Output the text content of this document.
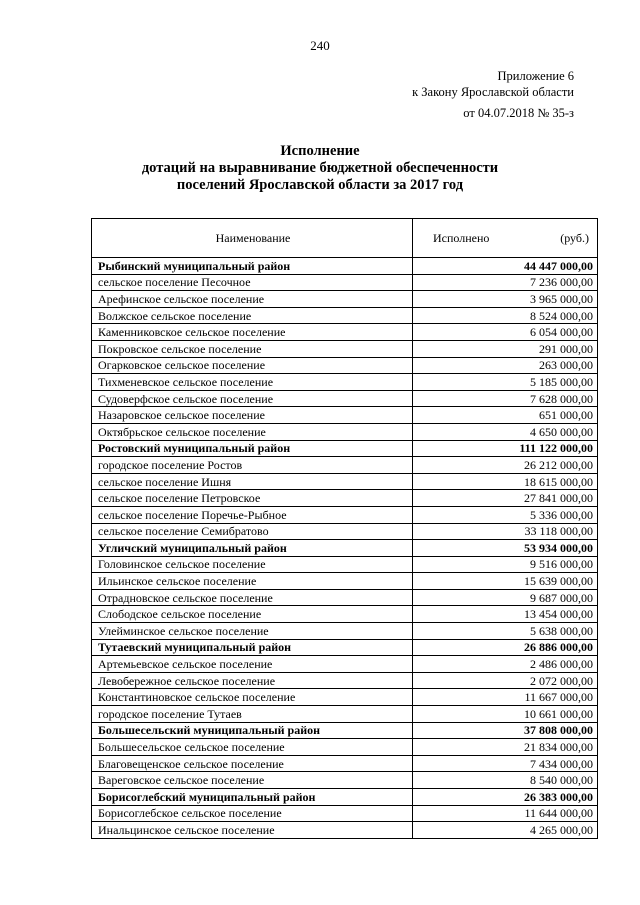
240
Приложение 6
к Закону Ярославской области
от 04.07.2018 № 35-з
Исполнение
дотаций на выравнивание бюджетной обеспеченности
поселений Ярославской области за 2017 год
Наименование	Исполнено (руб.)

Рыбинский муниципальный район	44 447 000,00
сельское поселение Песочное	7 236 000,00
Арефинское сельское поселение	3 965 000,00
Волжское сельское поселение	8 524 000,00
Каменниковское сельское поселение	6 054 000,00
Покровское сельское поселение	291 000,00
Огарковское сельское поселение	263 000,00
Тихменевское сельское поселение	5 185 000,00
Судоверфское сельское поселение	7 628 000,00
Назаровское сельское поселение	651 000,00
Октябрьское сельское поселение	4 650 000,00
Ростовский муниципальный район	111 122 000,00
городское поселение Ростов	26 212 000,00
сельское поселение Ишня	18 615 000,00
сельское поселение Петровское	27 841 000,00
сельское поселение Поречье-Рыбное	5 336 000,00
сельское поселение Семибратово	33 118 000,00
Угличский муниципальный район	53 934 000,00
Головинское сельское поселение	9 516 000,00
Ильинское сельское поселение	15 639 000,00
Отрадновское сельское поселение	9 687 000,00
Слободское сельское поселение	13 454 000,00
Улейминское сельское поселение	5 638 000,00
Тутаевский муниципальный район	26 886 000,00
Артемьевское сельское поселение	2 486 000,00
Левобережное сельское поселение	2 072 000,00
Константиновское сельское поселение	11 667 000,00
городское поселение Тутаев	10 661 000,00
Большесельский муниципальный район	37 808 000,00
Большесельское сельское поселение	21 834 000,00
Благовещенское сельское поселение	7 434 000,00
Вареговское сельское поселение	8 540 000,00
Борисоглебский муниципальный район	26 383 000,00
Борисоглебское сельское поселение	11 644 000,00
Инальцинское сельское поселение	4 265 000,00
